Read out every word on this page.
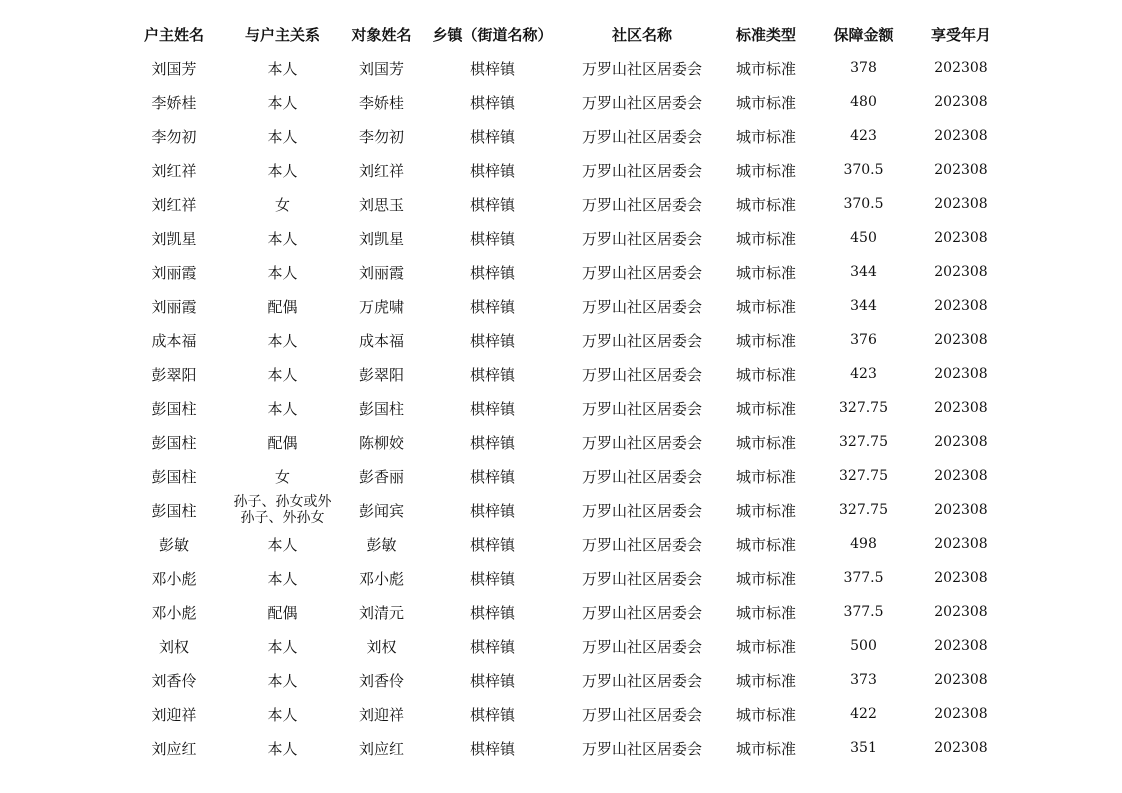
户主姓名	与户主关系	对象姓名	乡镇（街道名称）	社区名称	标准类型	保障金额	享受年月
刘国芳	本人	刘国芳	棋梓镇	万罗山社区居委会	城市标准	378	202308
李娇桂	本人	李娇桂	棋梓镇	万罗山社区居委会	城市标准	480	202308
李勿初	本人	李勿初	棋梓镇	万罗山社区居委会	城市标准	423	202308
刘红祥	本人	刘红祥	棋梓镇	万罗山社区居委会	城市标准	370.5	202308
刘红祥	女	刘思玉	棋梓镇	万罗山社区居委会	城市标准	370.5	202308
刘凯星	本人	刘凯星	棋梓镇	万罗山社区居委会	城市标准	450	202308
刘丽霞	本人	刘丽霞	棋梓镇	万罗山社区居委会	城市标准	344	202308
刘丽霞	配偶	万虎啸	棋梓镇	万罗山社区居委会	城市标准	344	202308
成本福	本人	成本福	棋梓镇	万罗山社区居委会	城市标准	376	202308
彭翠阳	本人	彭翠阳	棋梓镇	万罗山社区居委会	城市标准	423	202308
彭国柱	本人	彭国柱	棋梓镇	万罗山社区居委会	城市标准	327.75	202308
彭国柱	配偶	陈柳姣	棋梓镇	万罗山社区居委会	城市标准	327.75	202308
彭国柱	女	彭香丽	棋梓镇	万罗山社区居委会	城市标准	327.75	202308
彭国柱	孙子、孙女或外孙子、外孙女	彭闻宾	棋梓镇	万罗山社区居委会	城市标准	327.75	202308
彭敏	本人	彭敏	棋梓镇	万罗山社区居委会	城市标准	498	202308
邓小彪	本人	邓小彪	棋梓镇	万罗山社区居委会	城市标准	377.5	202308
邓小彪	配偶	刘清元	棋梓镇	万罗山社区居委会	城市标准	377.5	202308
刘权	本人	刘权	棋梓镇	万罗山社区居委会	城市标准	500	202308
刘香伶	本人	刘香伶	棋梓镇	万罗山社区居委会	城市标准	373	202308
刘迎祥	本人	刘迎祥	棋梓镇	万罗山社区居委会	城市标准	422	202308
刘应红	本人	刘应红	棋梓镇	万罗山社区居委会	城市标准	351	202308
